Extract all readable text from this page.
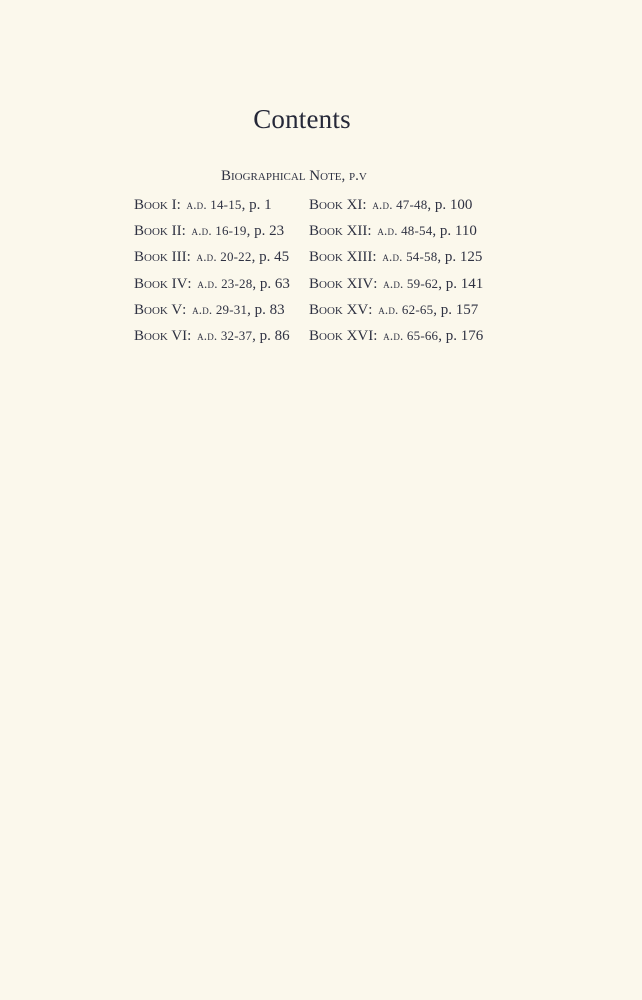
Contents
Biographical Note, p.v
Book I: a.d. 14-15, p. 1
Book II: a.d. 16-19, p. 23
Book III: a.d. 20-22, p. 45
Book IV: a.d. 23-28, p. 63
Book V: a.d. 29-31, p. 83
Book VI: a.d. 32-37, p. 86
Book XI: a.d. 47-48, p. 100
Book XII: a.d. 48-54, p. 110
Book XIII: a.d. 54-58, p. 125
Book XIV: a.d. 59-62, p. 141
Book XV: a.d. 62-65, p. 157
Book XVI: a.d. 65-66, p. 176
